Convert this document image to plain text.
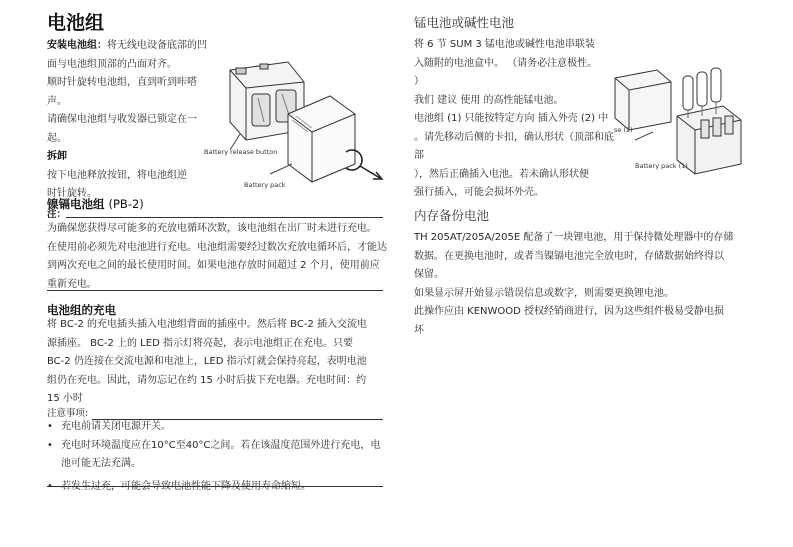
电池组

安装电池组：将无线电设备底部的凹

面与电池组顶部的凸面对齐。

顺时针旋转电池组，直到听到咔嗒

声。

请确保电池组与收发器已锁定在一

起。

拆卸

按下电池释放按钮，将电池组逆

时针旋转。

Battery release button
Battery pack
镍镉电池组 (PB-2)
注：

为确保您获得尽可能多的充放电循环次数，该电池组在出厂时未进行充电。

在使用前必须先对电池进行充电。电池组需要经过数次充放电循环后，才能达

到两次充电之间的最长使用时间。如果电池存放时间超过 2 个月，使用前应

重新充电。

电池组的充电

将 BC-2 的充电插头插入电池组背面的插座中。然后将 BC-2 插入交流电

源插座。 BC-2 上的 LED 指示灯将亮起，表示电池组正在充电。只要

BC-2 仍连接在交流电源和电池上，LED 指示灯就会保持亮起，表明电池

组仍在充电。因此，请勿忘记在约 15 小时后拔下充电器。充电时间：约

15 小时

注意事项:

• 充电前请关闭电源开关。

• 充电时环境温度应在10°C至40°C之间。若在该温度范围外进行充电，电

池可能无法充满。

• 若发生过充，可能会导致电池性能下降及使用寿命缩短。

锰电池或碱性电池

将 6 节 SUM 3 锰电池或碱性电池串联装

入随附的电池盒中。 （请务必注意极性。

）

我们 建议 使用 的高性能锰电池。

电池组 (1) 只能按特定方向 插入外壳 (2) 中

。请先移动后侧的卡扣，确认形状（顶部和底

部

），然后正确插入电池。若未确认形状便

强行插入，可能会损坏外壳。

se (2)
Battery pack (1)
内存备份电池

TH 205AT/205A/205E 配备了一块锂电池，用于保持微处理器中的存储

数据。在更换电池时，或者当镍镉电池完全放电时，存储数据始终得以

保留。

如果显示屏开始显示错误信息或数字，则需要更换锂电池。

此操作应由 KENWOOD 授权经销商进行，因为这些组件极易受静电损

坏
